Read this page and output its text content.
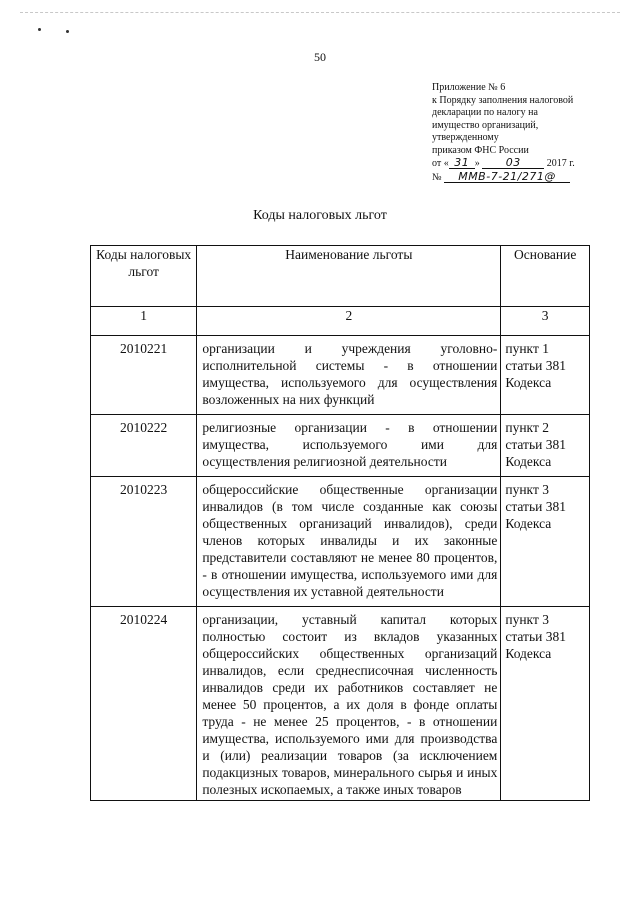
50
Приложение № 6
к Порядку заполнения налоговой
декларации по налогу на
имущество организаций,
утвержденному
приказом ФНС России
от « 31 » 03	2017 г.
№ ММВ-7-21/271@
Коды налоговых льгот
Коды налоговых льгот	Наименование льготы	Основание
1	2	3
2010221	организации и учреждения уголовно-исполнительной системы - в отношении имущества, используемого для осуществления возложенных на них функций	пункт 1 статьи 381 Кодекса
2010222	религиозные организации - в отношении имущества, используемого ими для осуществления религиозной деятельности	пункт 2 статьи 381 Кодекса
2010223	общероссийские общественные организации инвалидов (в том числе созданные как союзы общественных организаций инвалидов), среди членов которых инвалиды и их законные представители составляют не менее 80 процентов, - в отношении имущества, используемого ими для осуществления их уставной деятельности	пункт 3 статьи 381 Кодекса
2010224	организации, уставный капитал которых полностью состоит из вкладов указанных общероссийских общественных организаций инвалидов, если среднесписочная численность инвалидов среди их работников составляет не менее 50 процентов, а их доля в фонде оплаты труда - не менее 25 процентов, - в отношении имущества, используемого ими для производства и (или) реализации товаров (за исключением подакцизных товаров, минерального сырья и иных полезных ископаемых, а также иных товаров	пункт 3 статьи 381 Кодекса
